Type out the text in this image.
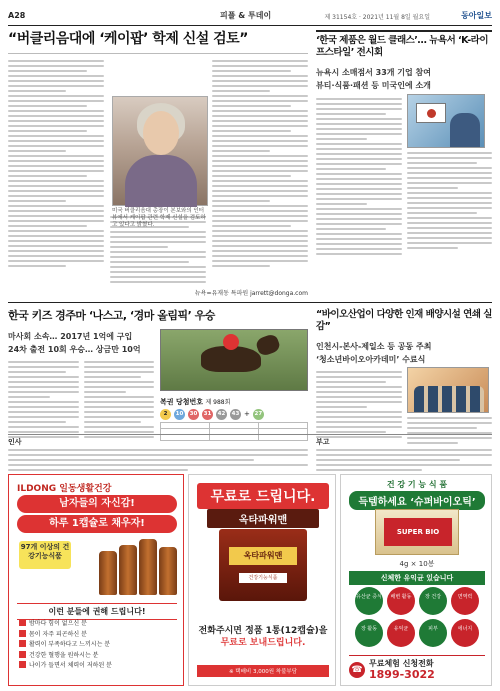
A28	피플 & 투데이	제 31154호 · 2021년 11월 8일 월요일	동아일보
“버클리음대에 ‘케이팝’ 학제 신설 검토”
뉴욕=유재동 특파원 jarrett@donga.com
미국 버클리음대 총장이 본보와의 인터뷰에서 케이팝 관련 학제 신설을 검토하고 있다고 밝혔다.
‘한국 제품은 월드 클래스’… 뉴욕서 ‘K-라이프스타일’ 전시회
뉴욕시 소매점서 33개 기업 참여
뷰티·식품·패션 등 미국인에 소개
한국 키즈 경주마 ‘나스고, ‘경마 올림픽’ 우승
마사회 소속… 2017년 1억에 구입
24차 출전 10회 우승… 상금만 10억
복권 당첨번호 제 988회
2	10	30	31	42	43 + 27

“바이오산업이 다양한 인재 배양시설 연쇄 실감”
인천시-본사-제일소 등 공동 주최
‘청소년바이오아카데미’ 수료식
인사	부고
ILDONG 일동생활건강
남자들의 자신감!
하루 1캡슐로 채우자!
97개 이상의 건강기능식품
이런 분들에 권해 드립니다!
밤마다 힘이 없으신 분
몸이 자주 피곤하신 분
활력이 부족하다고 느끼시는 분
건강한 혈행을 원하시는 분
나이가 들면서 체력이 저하된 분
무료로 드립니다.
옥타파워맨
옥타파워맨
건강기능식품
전화주시면 정품 1통(12캡슐)을
무료로 보내드립니다.
※ 택배비 3,000원 착불부담
건 강 기 능 식 품
득템하세요 ‘슈퍼바이오틱’
SUPER BIO
4g × 10봉
신체한 유익균 있습니다
유산균 증식	배변 활동	장 건강	면역력
장 활동	유익균	피부	에너지
☎
무료체험 신청전화
1899-3022
